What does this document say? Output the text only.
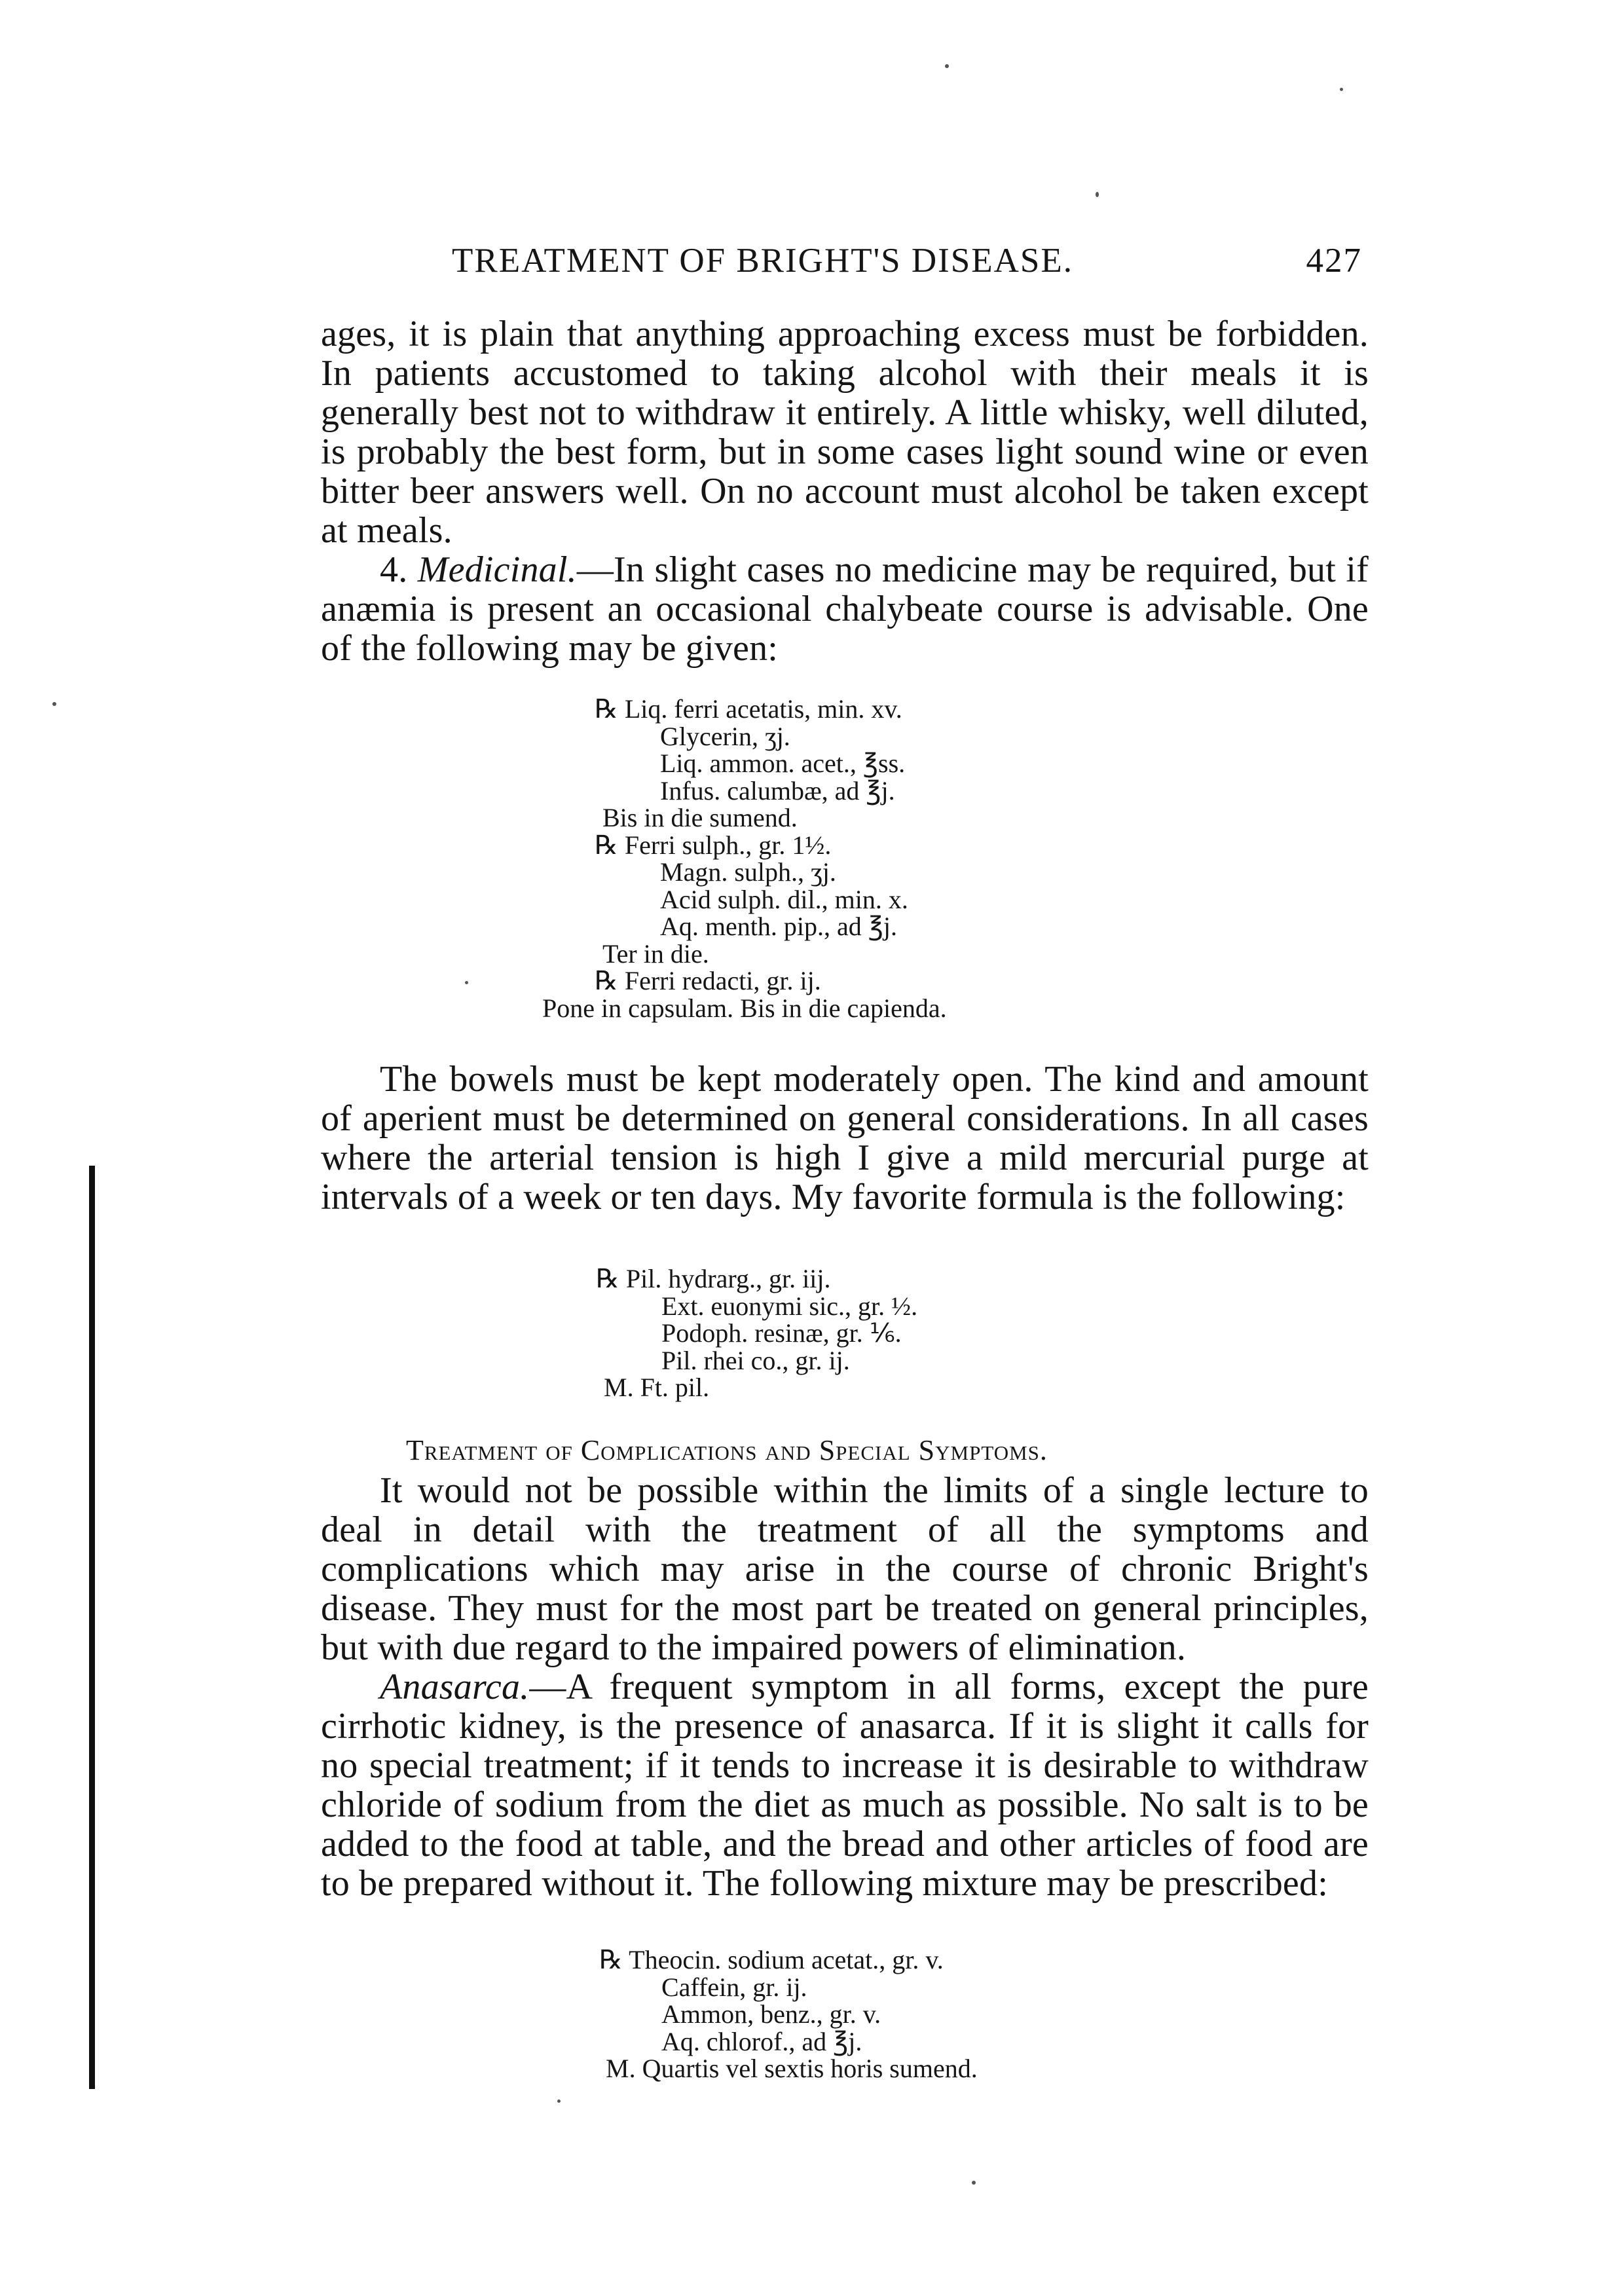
TREATMENT OF BRIGHT'S DISEASE.	427

ages, it is plain that anything approaching excess must be forbidden. In patients accustomed to taking alcohol with their meals it is generally best not to withdraw it entirely. A little whisky, well diluted, is probably the best form, but in some cases light sound wine or even bitter beer answers well. On no account must alcohol be taken except at meals.

4. Medicinal.—In slight cases no medicine may be required, but if anæmia is present an occasional chalybeate course is advisable. One of the following may be given:

℞ Liq. ferri acetatis, min. xv.
Glycerin, ʒj.
Liq. ammon. acet., ℥ss.
Infus. calumbæ, ad ℥j.
Bis in die sumend.
℞ Ferri sulph., gr. 1½.
Magn. sulph., ʒj.
Acid sulph. dil., min. x.
Aq. menth. pip., ad ℥j.
Ter in die.
℞ Ferri redacti, gr. ij.
Pone in capsulam. Bis in die capienda.

The bowels must be kept moderately open. The kind and amount of aperient must be determined on general considerations. In all cases where the arterial tension is high I give a mild mercurial purge at intervals of a week or ten days. My favorite formula is the following:

℞ Pil. hydrarg., gr. iij.
Ext. euonymi sic., gr. ½.
Podoph. resinæ, gr. ⅙.
Pil. rhei co., gr. ij.
M. Ft. pil.
Treatment of Complications and Special Symptoms.

It would not be possible within the limits of a single lecture to deal in detail with the treatment of all the symptoms and complications which may arise in the course of chronic Bright's disease. They must for the most part be treated on general principles, but with due regard to the impaired powers of elimination.

Anasarca.—A frequent symptom in all forms, except the pure cirrhotic kidney, is the presence of anasarca. If it is slight it calls for no special treatment; if it tends to increase it is desirable to withdraw chloride of sodium from the diet as much as possible. No salt is to be added to the food at table, and the bread and other articles of food are to be prepared without it. The following mixture may be prescribed:

℞ Theocin. sodium acetat., gr. v.
Caffein, gr. ij.
Ammon, benz., gr. v.
Aq. chlorof., ad ℥j.
M. Quartis vel sextis horis sumend.
